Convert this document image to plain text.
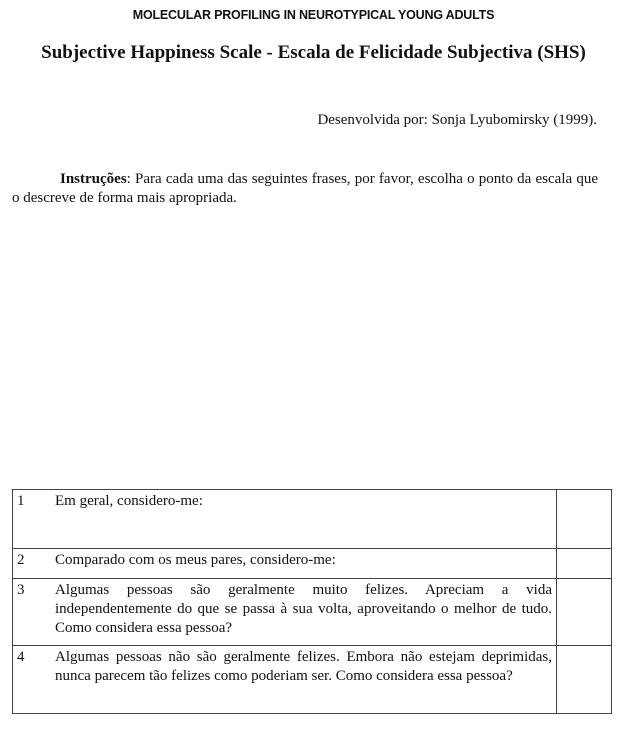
MOLECULAR PROFILING IN NEUROTYPICAL YOUNG ADULTS
Subjective Happiness Scale - Escala de Felicidade Subjectiva (SHS)
Desenvolvida por: Sonja Lyubomirsky (1999).
Instruções: Para cada uma das seguintes frases, por favor, escolha o ponto da escala que o descreve de forma mais apropriada.
1	Em geral, considero-me:	
2	Comparado com os meus pares, considero-me:	
3	Algumas pessoas são geralmente muito felizes. Apreciam a vida independentemente do que se passa à sua volta, aproveitando o melhor de tudo. Como considera essa pessoa?	
4	Algumas pessoas não são geralmente felizes. Embora não estejam deprimidas, nunca parecem tão felizes como poderiam ser. Como considera essa pessoa?	
